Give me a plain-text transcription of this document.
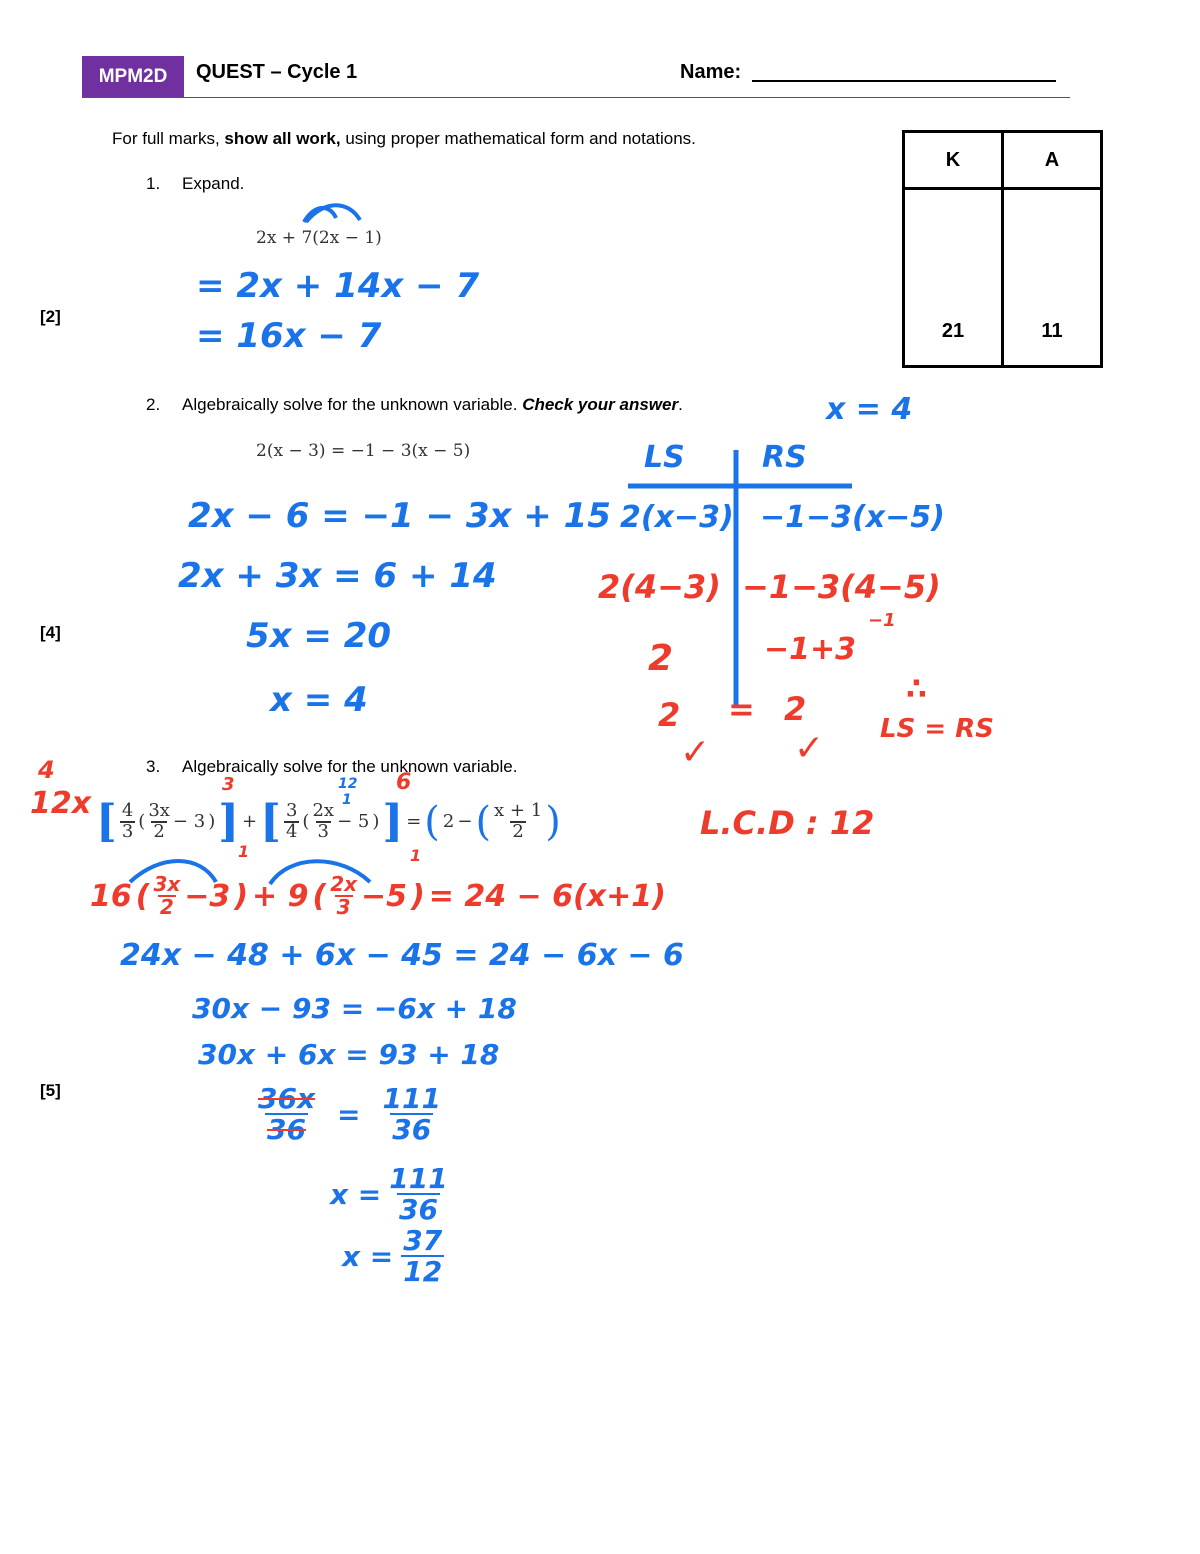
MPM2D	QUEST – Cycle 1	Name:
For full marks, show all work, using proper mathematical form and notations.
K	A
21	11
1. Expand.
2x + 7(2x − 1)
= 2x + 14x − 7
= 16x − 7
[2]
2. Algebraically solve for the unknown variable. Check your answer.
2(x − 3) = −1 − 3(x − 5)
x = 4
2x − 6 = −1 − 3x + 15
2x + 3x = 6 + 14
5x = 20
x = 4
[4]
LS	RS
2(x−3) −1−3(x−5)
2(4−3) −1−3(4−5)
−1
2	−1+3
2 = 2
✓ ✓
∴
LS = RS
3. Algebraically solve for the unknown variable.
[5]
4
12x [ $\frac{4}{3}$ ( $\frac{3x}{2} - 3$ ) ] + [ $\frac{3}{4}$ ( $\frac{2x}{3} - 5$ ) ] = ( 2 − ( $\frac{x + 1}{2}$ )
3
1
12
1
6
1
L.C.D : 12
16 ( $\frac{3x}{2} -3$ ) + 9 ( $\frac{2x}{3} -5$ ) = 24 − 6(x+1)
24x − 48 + 6x − 45 = 24 − 6x − 6
30x − 93 = −6x + 18
30x + 6x = 93 + 18
$\frac{36x}{36} = \frac{111}{36}$
$x = \frac{111}{36}$
$x = \frac{37}{12}$
